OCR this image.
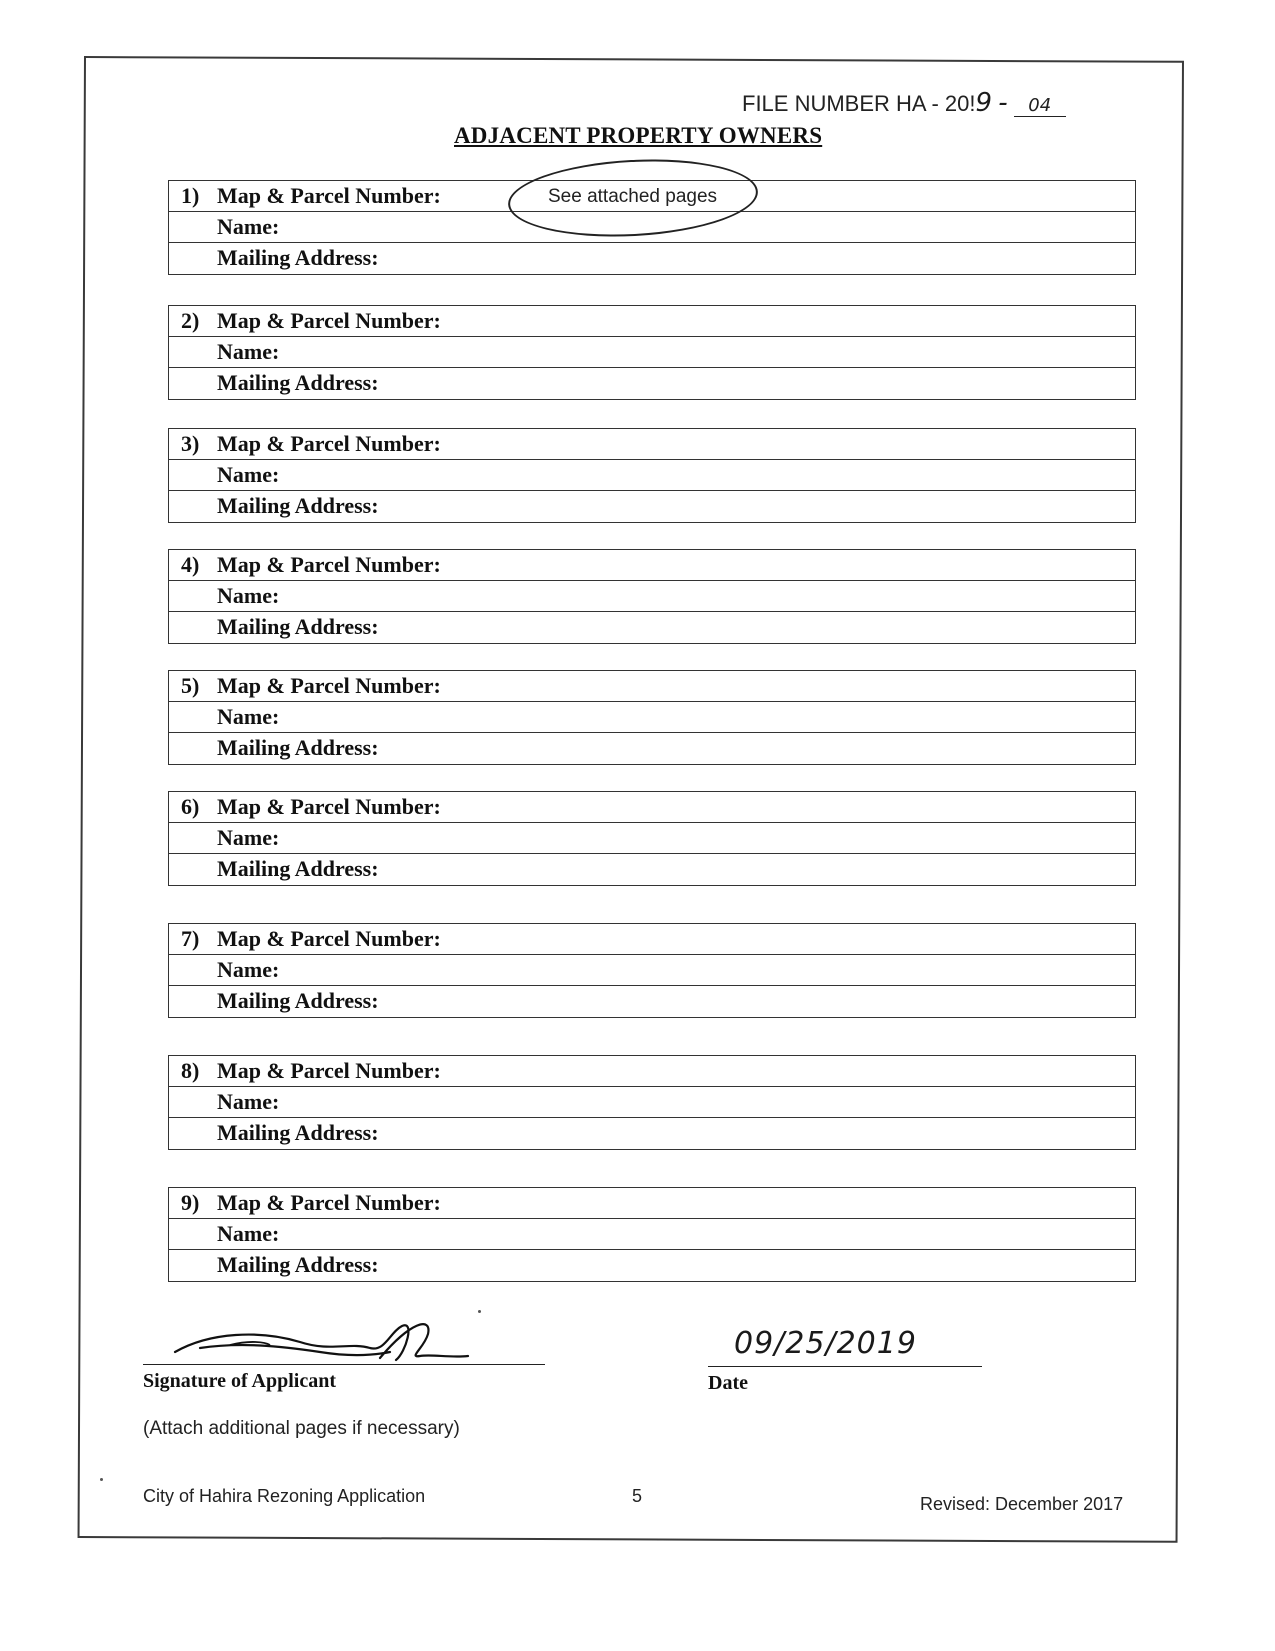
FILE NUMBER HA - 20!9 - 04
ADJACENT PROPERTY OWNERS
1) Map & Parcel Number:
Name:
Mailing Address:
2) Map & Parcel Number:
Name:
Mailing Address:
3) Map & Parcel Number:
Name:
Mailing Address:
4) Map & Parcel Number:
Name:
Mailing Address:
5) Map & Parcel Number:
Name:
Mailing Address:
6) Map & Parcel Number:
Name:
Mailing Address:
7) Map & Parcel Number:
Name:
Mailing Address:
8) Map & Parcel Number:
Name:
Mailing Address:
9) Map & Parcel Number:
Name:
Mailing Address:
See attached pages
Signature of Applicant
09/25/2019
Date
(Attach additional pages if necessary)
City of Hahira Rezoning Application	5	Revised: December 2017
